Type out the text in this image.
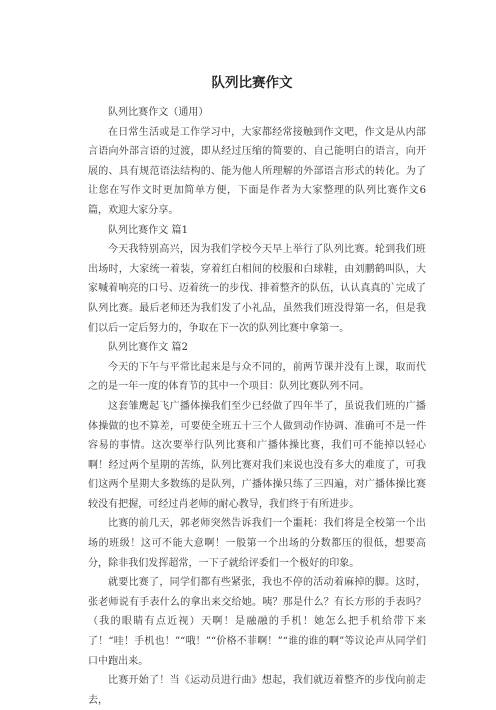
队列比赛作文

队列比赛作文（通用）

在日常生活或是工作学习中，大家都经常接触到作文吧，作文是从内部言语向外部言语的过渡，即从经过压缩的简要的、自己能明白的语言，向开展的、具有规范语法结构的、能为他人所理解的外部语言形式的转化。为了让您在写作文时更加简单方便，下面是作者为大家整理的队列比赛作文6篇，欢迎大家分享。

队列比赛作文 篇1

今天我特别高兴，因为我们学校今天早上举行了队列比赛。轮到我们班出场时，大家统一着装，穿着红白相间的校服和白球鞋，由刘鹏鹤叫队，大家喊着响亮的口号、迈着统一的步伐、排着整齐的队伍，认认真真的`完成了队列比赛。最后老师还为我们发了小礼品，虽然我们班没得第一名，但是我们以后一定后努力的，争取在下一次的队列比赛中拿第一。

队列比赛作文 篇2

今天的下午与平常比起来是与众不同的，前两节课并没有上课，取而代之的是一年一度的体育节的其中一个项目：队列比赛队列不同。

这套雏鹰起飞广播体操我们至少已经做了四年半了，虽说我们班的广播体操做的也不算差，可要使全班五十三个人做到动作协调、准确可不是一件容易的事情。这次要举行队列比赛和广播体操比赛，我们可不能掉以轻心啊！经过两个星期的苦练，队列比赛对我们来说也没有多大的难度了，可我们这两个星期大多数练的是队列，广播体操只练了三四遍，对广播体操比赛较没有把握，可经过肖老师的耐心教导，我们终于有所进步。

比赛的前几天，郭老师突然告诉我们一个噩耗：我们将是全校第一个出场的班级！这可不能大意啊！一般第一个出场的分数都压的很低，想要高分，除非我们发挥超常，一下子就给评委们一个极好的印象。

就要比赛了，同学们都有些紧张，我也不停的活动着麻掉的脚。这时，张老师说有手表什么的拿出来交给她。咦？那是什么？有长方形的手表吗？（我的眼睛有点近视）天啊！是融融的手机！她怎么把手机给带下来了！“哇！手机也！”“哦！”“价格不菲啊！”“谁的谁的啊”等议论声从同学们口中跑出来。

比赛开始了！当《运动员进行曲》想起，我们就迈着整齐的步伐向前走去，
